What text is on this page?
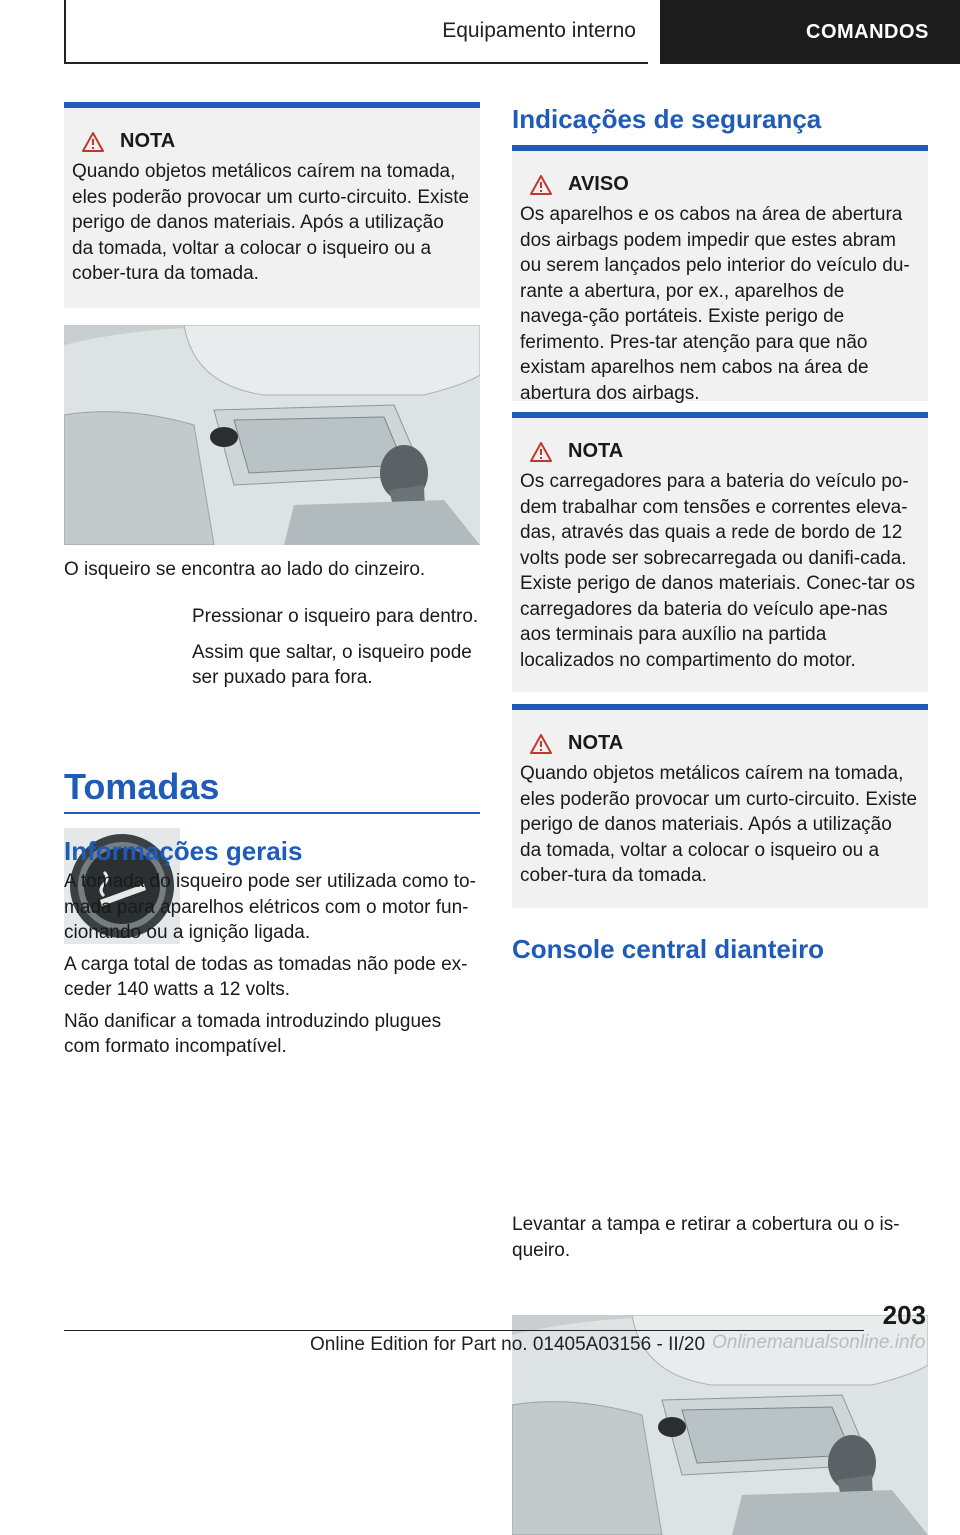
Equipamento interno	COMANDOS
NOTA

Quando objetos metálicos caírem na tomada, eles poderão provocar um curto-circuito. Existe perigo de danos materiais. Após a utilização da tomada, voltar a colocar o isqueiro ou a cober-tura da tomada.

O isqueiro se encontra ao lado do cinzeiro.

Pressionar o isqueiro para dentro.

Assim que saltar, o isqueiro pode ser puxado para fora.

Tomadas
Informações gerais

A tomada do isqueiro pode ser utilizada como to-mada para aparelhos elétricos com o motor fun-cionando ou a ignição ligada.

A carga total de todas as tomadas não pode ex-ceder 140 watts a 12 volts.

Não danificar a tomada introduzindo plugues com formato incompatível.

Indicações de segurança
AVISO

Os aparelhos e os cabos na área de abertura dos airbags podem impedir que estes abram ou serem lançados pelo interior do veículo du-rante a abertura, por ex., aparelhos de navega-ção portáteis. Existe perigo de ferimento. Pres-tar atenção para que não existam aparelhos nem cabos na área de abertura dos airbags.

NOTA

Os carregadores para a bateria do veículo po-dem trabalhar com tensões e correntes eleva-das, através das quais a rede de bordo de 12 volts pode ser sobrecarregada ou danifi-cada. Existe perigo de danos materiais. Conec-tar os carregadores da bateria do veículo ape-nas aos terminais para auxílio na partida localizados no compartimento do motor.

NOTA

Quando objetos metálicos caírem na tomada, eles poderão provocar um curto-circuito. Existe perigo de danos materiais. Após a utilização da tomada, voltar a colocar o isqueiro ou a cober-tura da tomada.

Console central dianteiro

Levantar a tampa e retirar a cobertura ou o is-queiro.

203
Online Edition for Part no. 01405A03156 - II/20 Onlinemanualsonline.info
